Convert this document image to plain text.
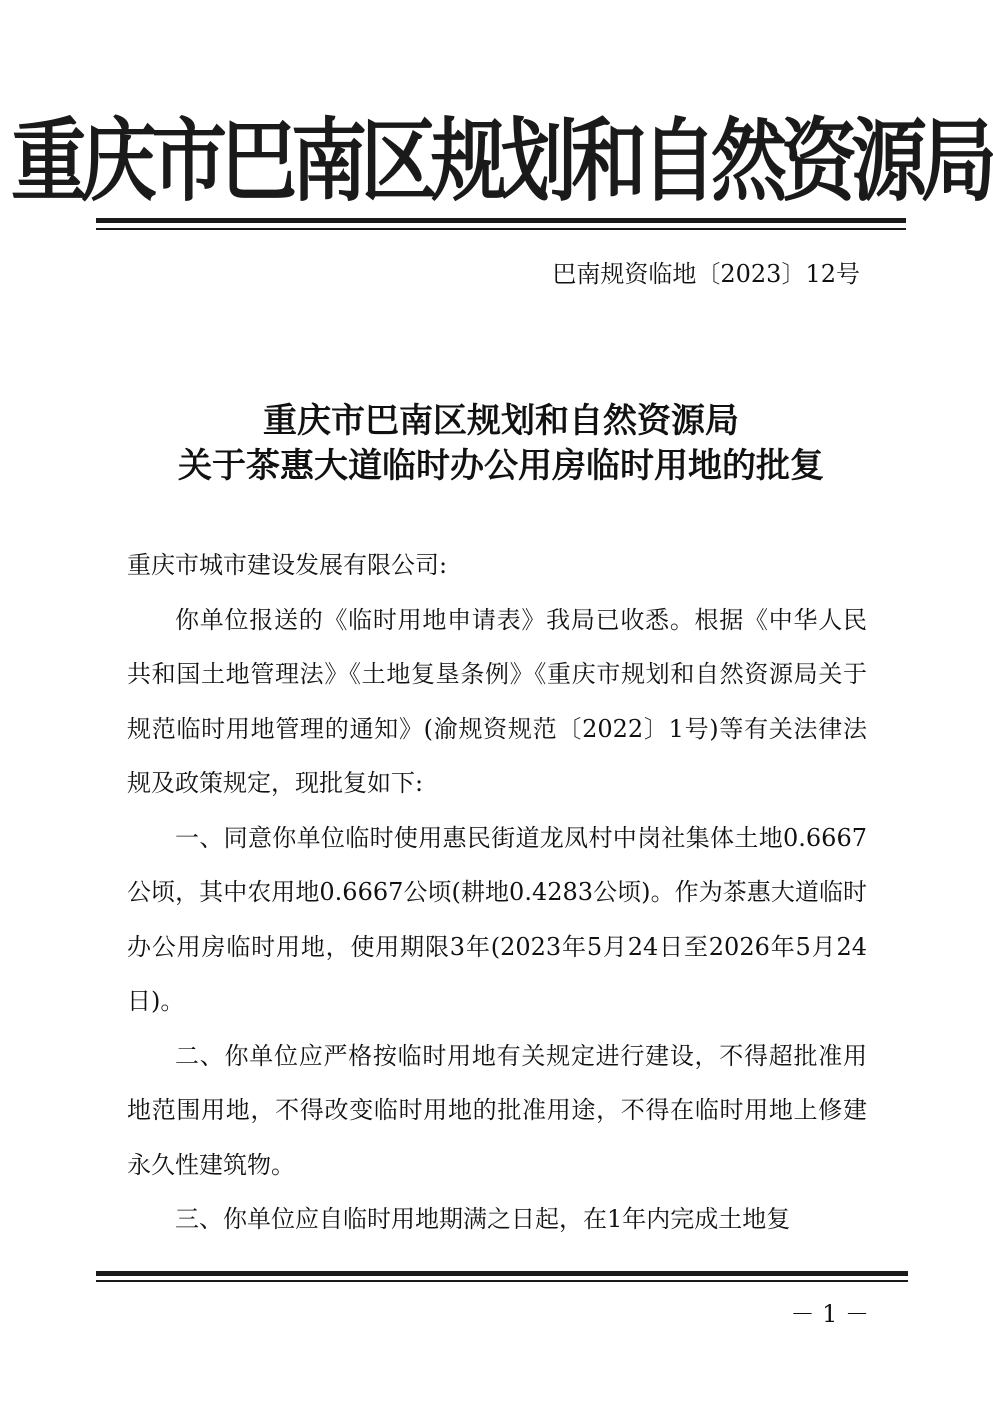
重庆市巴南区规划和自然资源局
巴南规资临地〔2023〕12号
重庆市巴南区规划和自然资源局
关于茶惠大道临时办公用房临时用地的批复

重庆市城市建设发展有限公司:

你单位报送的《临时用地申请表》我局已收悉。根据《中华人民共和国土地管理法》《土地复垦条例》《重庆市规划和自然资源局关于规范临时用地管理的通知》(渝规资规范〔2022〕1号)等有关法律法规及政策规定，现批复如下:

一、同意你单位临时使用惠民街道龙凤村中岗社集体土地0.6667公顷，其中农用地0.6667公顷(耕地0.4283公顷)。作为茶惠大道临时办公用房临时用地，使用期限3年(2023年5月24日至2026年5月24日)。

二、你单位应严格按临时用地有关规定进行建设，不得超批准用地范围用地，不得改变临时用地的批准用途，不得在临时用地上修建永久性建筑物。

三、你单位应自临时用地期满之日起，在1年内完成土地复

－ 1 －
